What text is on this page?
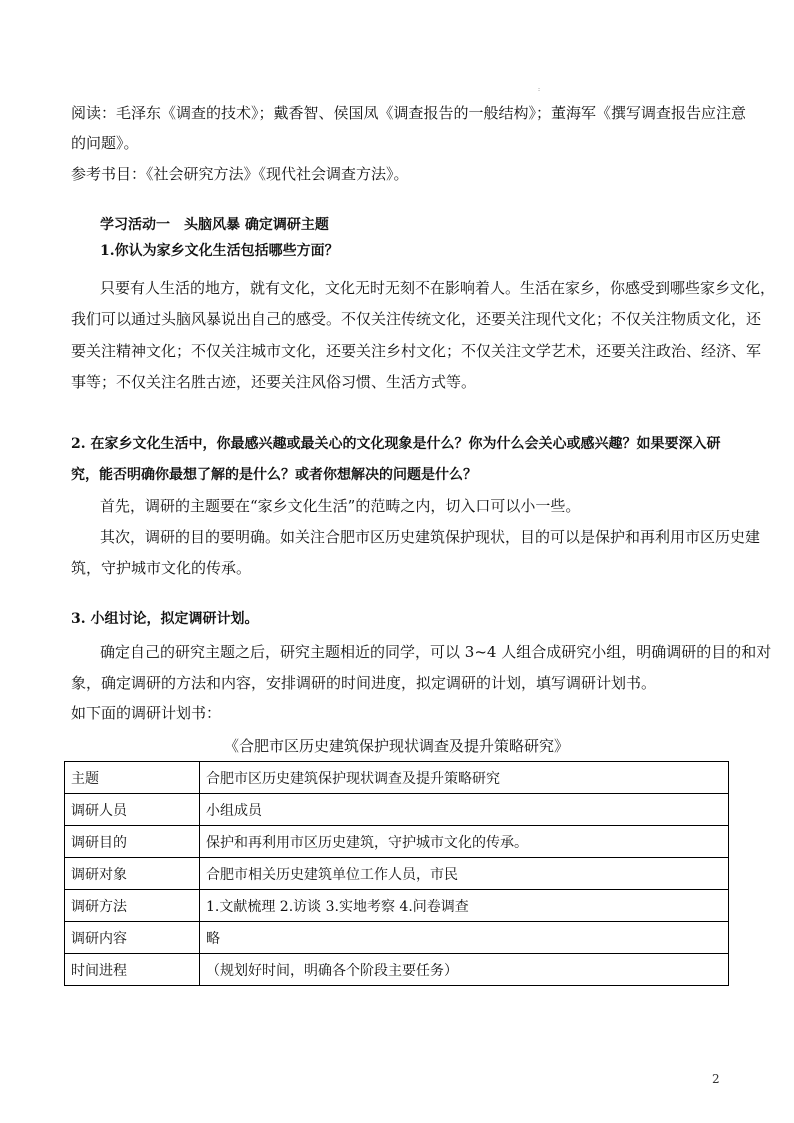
:
阅读：毛泽东《调查的技术》；戴香智、侯国凤《调查报告的一般结构》；董海军《撰写调查报告应注意
的问题》。
参考书目：《社会研究方法》《现代社会调查方法》。
学习活动一　头脑风暴 确定调研主题
1.你认为家乡文化生活包括哪些方面？
只要有人生活的地方，就有文化，文化无时无刻不在影响着人。生活在家乡，你感受到哪些家乡文化，
我们可以通过头脑风暴说出自己的感受。不仅关注传统文化，还要关注现代文化；不仅关注物质文化，还
要关注精神文化；不仅关注城市文化，还要关注乡村文化；不仅关注文学艺术，还要关注政治、经济、军
事等；不仅关注名胜古迹，还要关注风俗习惯、生活方式等。
2. 在家乡文化生活中，你最感兴趣或最关心的文化现象是什么？你为什么会关心或感兴趣？如果要深入研
究，能否明确你最想了解的是什么？或者你想解决的问题是什么？
首先，调研的主题要在“家乡文化生活”的范畴之内，切入口可以小一些。
其次，调研的目的要明确。如关注合肥市区历史建筑保护现状，目的可以是保护和再利用市区历史建
筑，守护城市文化的传承。
3. 小组讨论，拟定调研计划。
确定自己的研究主题之后，研究主题相近的同学，可以 3~4 人组合成研究小组，明确调研的目的和对
象，确定调研的方法和内容，安排调研的时间进度，拟定调研的计划，填写调研计划书。
如下面的调研计划书：
《合肥市区历史建筑保护现状调查及提升策略研究》
主题	合肥市区历史建筑保护现状调查及提升策略研究
调研人员	小组成员
调研目的	保护和再利用市区历史建筑，守护城市文化的传承。
调研对象	合肥市相关历史建筑单位工作人员，市民
调研方法	1.文献梳理 2.访谈 3.实地考察 4.问卷调查
调研内容	略
时间进程	（规划好时间，明确各个阶段主要任务）
2
